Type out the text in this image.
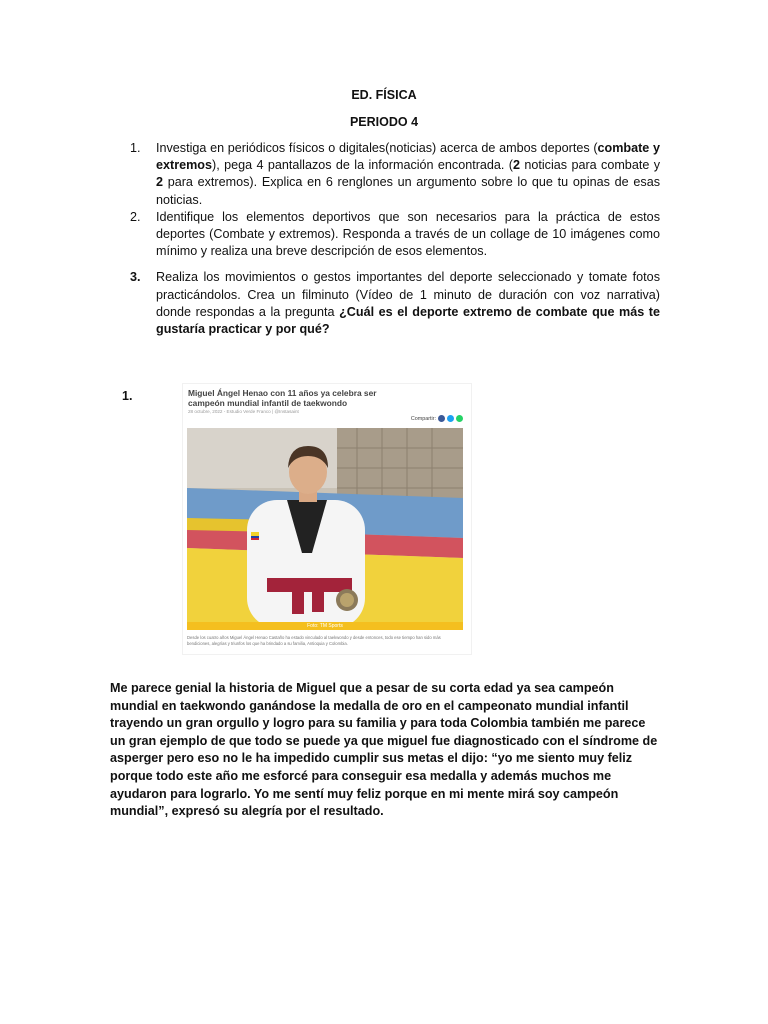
ED. FÍSICA
PERIODO 4
1.	Investiga en periódicos físicos o digitales(noticias) acerca de ambos deportes (combate y extremos), pega 4 pantallazos de la información encontrada. (2 noticias para combate y 2 para extremos). Explica en 6 renglones un argumento sobre lo que tu opinas de esas noticias.
2.	Identifique los elementos deportivos que son necesarios para la práctica de estos deportes (Combate y extremos). Responda a través de un collage de 10 imágenes como mínimo y realiza una breve descripción de esos elementos.
3.	Realiza los movimientos o gestos importantes del deporte seleccionado y tomate fotos practicándolos. Crea un filminuto (Vídeo de 1 minuto de duración con voz narrativa) donde respondas a la pregunta ¿Cuál es el deporte extremo de combate que más te gustaría practicar y por qué?
1.	Miguel Ángel Henao con 11 años ya celebra ser campeón mundial infantil de taekwondo
28 octubre, 2022 - Estudio Verde Franco | @Instasaint
Compartir:
Foto: TM Sports
Desde los cuatro años Miguel Ángel Henao Castaño ha estado vinculado al taekwondo y desde entonces, todo ese tiempo han sido más bendiciones, alegrías y triunfos los que ha brindado a su familia, Antioquia y Colombia.
Me parece genial la historia de Miguel que a pesar de su corta edad ya sea campeón mundial en taekwondo ganándose la medalla de oro en el campeonato mundial infantil trayendo un gran orgullo y logro para su familia y para toda Colombia también me parece un gran ejemplo de que todo se puede ya que miguel fue diagnosticado con el síndrome de asperger pero eso no le ha impedido cumplir sus metas el dijo: “yo me siento muy feliz porque todo este año me esforcé para conseguir esa medalla y además muchos me ayudaron para lograrlo. Yo me sentí muy feliz porque en mi mente mirá soy campeón mundial”, expresó su alegría por el resultado.
